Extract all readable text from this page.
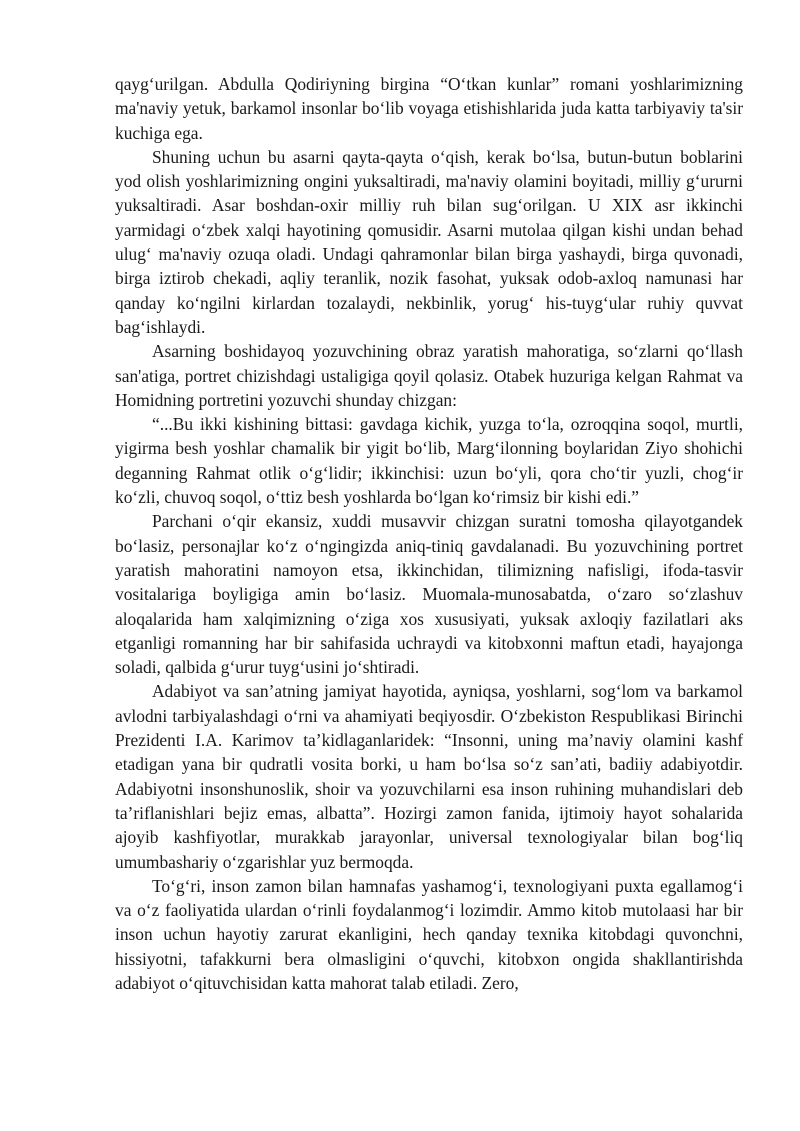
qayg‘urilgan. Abdulla Qodiriyning birgina “O‘tkan kunlar” romani yoshlarimizning ma'naviy yetuk, barkamol insonlar bo‘lib voyaga etishishlarida juda katta tarbiyaviy ta'sir kuchiga ega.

Shuning uchun bu asarni qayta-qayta o‘qish, kerak bo‘lsa, butun-butun boblarini yod olish yoshlarimizning ongini yuksaltiradi, ma'naviy olamini boyitadi, milliy g‘ururni yuksaltiradi. Asar boshdan-oxir milliy ruh bilan sug‘orilgan. U XIX asr ikkinchi yarmidagi o‘zbek xalqi hayotining qomusidir. Asarni mutolaa qilgan kishi undan behad ulug‘ ma'naviy ozuqa oladi. Undagi qahramonlar bilan birga yashaydi, birga quvonadi, birga iztirob chekadi, aqliy teranlik, nozik fasohat, yuksak odob-axloq namunasi har qanday ko‘ngilni kirlardan tozalaydi, nekbinlik, yorug‘ his-tuyg‘ular ruhiy quvvat bag‘ishlaydi.

Asarning boshidayoq yozuvchining obraz yaratish mahoratiga, so‘zlarni qo‘llash san'atiga, portret chizishdagi ustaligiga qoyil qolasiz. Otabek huzuriga kelgan Rahmat va Homidning portretini yozuvchi shunday chizgan:

“...Bu ikki kishining bittasi: gavdaga kichik, yuzga to‘la, ozroqqina soqol, murtli, yigirma besh yoshlar chamalik bir yigit bo‘lib, Marg‘ilonning boylaridan Ziyo shohichi deganning Rahmat otlik o‘g‘lidir; ikkinchisi: uzun bo‘yli, qora cho‘tir yuzli, chog‘ir ko‘zli, chuvoq soqol, o‘ttiz besh yoshlarda bo‘lgan ko‘rimsiz bir kishi edi.”

Parchani o‘qir ekansiz, xuddi musavvir chizgan suratni tomosha qilayotgandek bo‘lasiz, personajlar ko‘z o‘ngingizda aniq-tiniq gavdalanadi. Bu yozuvchining portret yaratish mahoratini namoyon etsa, ikkinchidan, tilimizning nafisligi, ifoda-tasvir vositalariga boyligiga amin bo‘lasiz. Muomala-munosabatda, o‘zaro so‘zlashuv aloqalarida ham xalqimizning o‘ziga xos xususiyati, yuksak axloqiy fazilatlari aks etganligi romanning har bir sahifasida uchraydi va kitobxonni maftun etadi, hayajonga soladi, qalbida g‘urur tuyg‘usini jo‘shtiradi.

Adabiyot va san’atning jamiyat hayotida, ayniqsa, yoshlarni, sog‘lom va barkamol avlodni tarbiyalashdagi o‘rni va ahamiyati beqiyosdir. O‘zbekiston Respublikasi Birinchi Prezidenti I.A. Karimov ta’kidlaganlaridek: “Insonni, uning ma’naviy olamini kashf etadigan yana bir qudratli vosita borki, u ham bo‘lsa so‘z san’ati, badiiy adabiyotdir. Adabiyotni insonshunoslik, shoir va yozuvchilarni esa inson ruhining muhandislari deb ta’riflanishlari bejiz emas, albatta”. Hozirgi zamon fanida, ijtimoiy hayot sohalarida ajoyib kashfiyotlar, murakkab jarayonlar, universal texnologiyalar bilan bog‘liq umumbashariy o‘zgarishlar yuz bermoqda.

To‘g‘ri, inson zamon bilan hamnafas yashamog‘i, texnologiyani puxta egallamog‘i va o‘z faoliyatida ulardan o‘rinli foydalanmog‘i lozimdir. Ammo kitob mutolaasi har bir inson uchun hayotiy zarurat ekanligini, hech qanday texnika kitobdagi quvonchni, hissiyotni, tafakkurni bera olmasligini o‘quvchi, kitobxon ongida shakllantirishda adabiyot o‘qituvchisidan katta mahorat talab etiladi. Zero,
